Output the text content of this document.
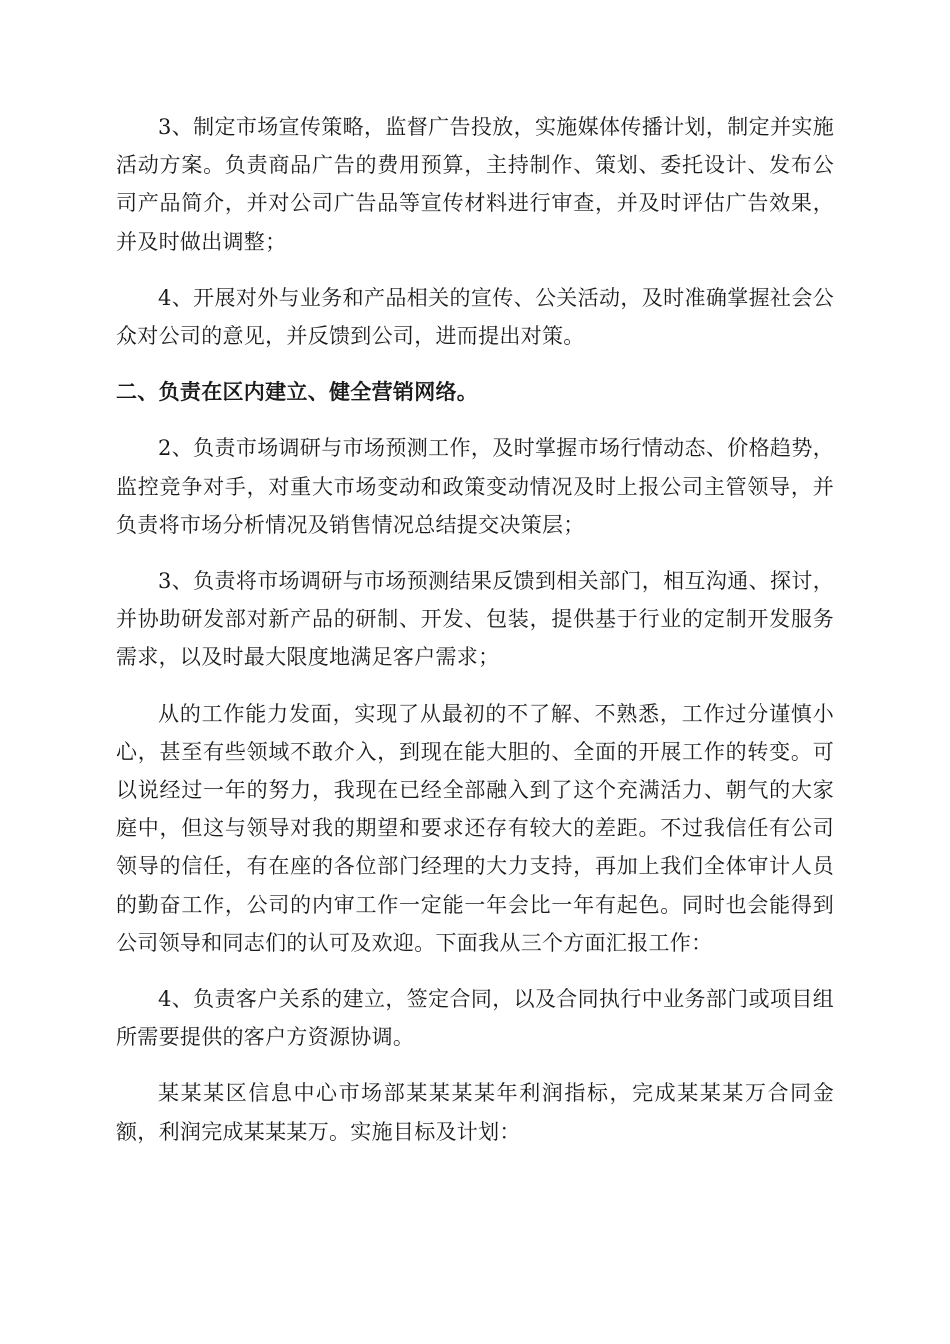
3、制定市场宣传策略，监督广告投放，实施媒体传播计划，制定并实施活动方案。负责商品广告的费用预算，主持制作、策划、委托设计、发布公司产品简介，并对公司广告品等宣传材料进行审查，并及时评估广告效果，并及时做出调整；

4、开展对外与业务和产品相关的宣传、公关活动，及时准确掌握社会公众对公司的意见，并反馈到公司，进而提出对策。

二、负责在区内建立、健全营销网络。

2、负责市场调研与市场预测工作，及时掌握市场行情动态、价格趋势，监控竞争对手，对重大市场变动和政策变动情况及时上报公司主管领导，并负责将市场分析情况及销售情况总结提交决策层；

3、负责将市场调研与市场预测结果反馈到相关部门，相互沟通、探讨，并协助研发部对新产品的研制、开发、包装，提供基于行业的定制开发服务需求，以及时最大限度地满足客户需求；

从的工作能力发面，实现了从最初的不了解、不熟悉，工作过分谨慎小心，甚至有些领域不敢介入，到现在能大胆的、全面的开展工作的转变。可以说经过一年的努力，我现在已经全部融入到了这个充满活力、朝气的大家庭中，但这与领导对我的期望和要求还存有较大的差距。不过我信任有公司领导的信任，有在座的各位部门经理的大力支持，再加上我们全体审计人员的勤奋工作，公司的内审工作一定能一年会比一年有起色。同时也会能得到公司领导和同志们的认可及欢迎。下面我从三个方面汇报工作：

4、负责客户关系的建立，签定合同，以及合同执行中业务部门或项目组所需要提供的客户方资源协调。

某某某区信息中心市场部某某某某年利润指标，完成某某某万合同金额，利润完成某某某万。实施目标及计划：
